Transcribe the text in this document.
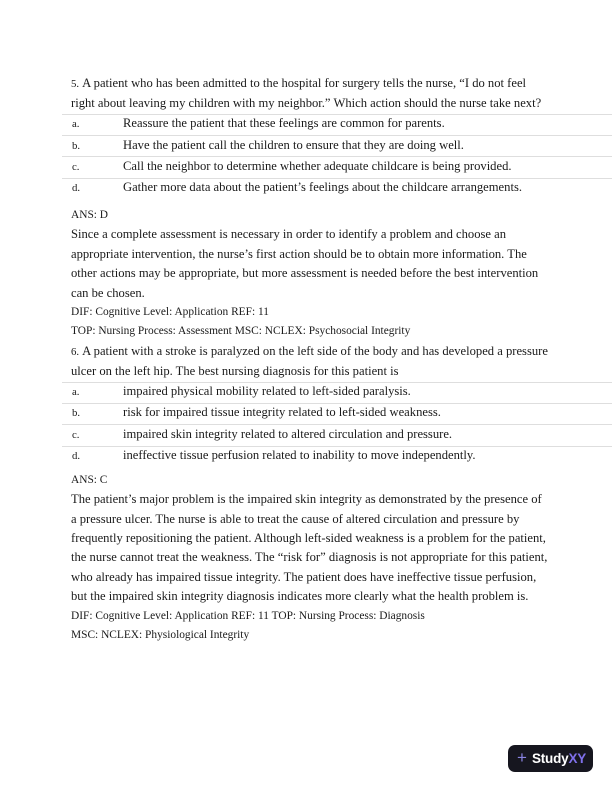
5. A patient who has been admitted to the hospital for surgery tells the nurse, “I do not feel right about leaving my children with my neighbor.” Which action should the nurse take next?

a.	Reassure the patient that these feelings are common for parents.
b.	Have the patient call the children to ensure that they are doing well.
c.	Call the neighbor to determine whether adequate childcare is being provided.
d.	Gather more data about the patient’s feelings about the childcare arrangements.

ANS: D

Since a complete assessment is necessary in order to identify a problem and choose an appropriate intervention, the nurse’s first action should be to obtain more information. The other actions may be appropriate, but more assessment is needed before the best intervention can be chosen.

DIF: Cognitive Level: Application REF: 11

TOP: Nursing Process: Assessment MSC: NCLEX: Psychosocial Integrity

6. A patient with a stroke is paralyzed on the left side of the body and has developed a pressure ulcer on the left hip. The best nursing diagnosis for this patient is

a.	impaired physical mobility related to left-sided paralysis.
b.	risk for impaired tissue integrity related to left-sided weakness.
c.	impaired skin integrity related to altered circulation and pressure.
d.	ineffective tissue perfusion related to inability to move independently.

ANS: C

The patient’s major problem is the impaired skin integrity as demonstrated by the presence of a pressure ulcer. The nurse is able to treat the cause of altered circulation and pressure by frequently repositioning the patient. Although left-sided weakness is a problem for the patient, the nurse cannot treat the weakness. The “risk for” diagnosis is not appropriate for this patient, who already has impaired tissue integrity. The patient does have ineffective tissue perfusion, but the impaired skin integrity diagnosis indicates more clearly what the health problem is.

DIF: Cognitive Level: Application REF: 11 TOP: Nursing Process: Diagnosis

MSC: NCLEX: Physiological Integrity

+ StudyXY
